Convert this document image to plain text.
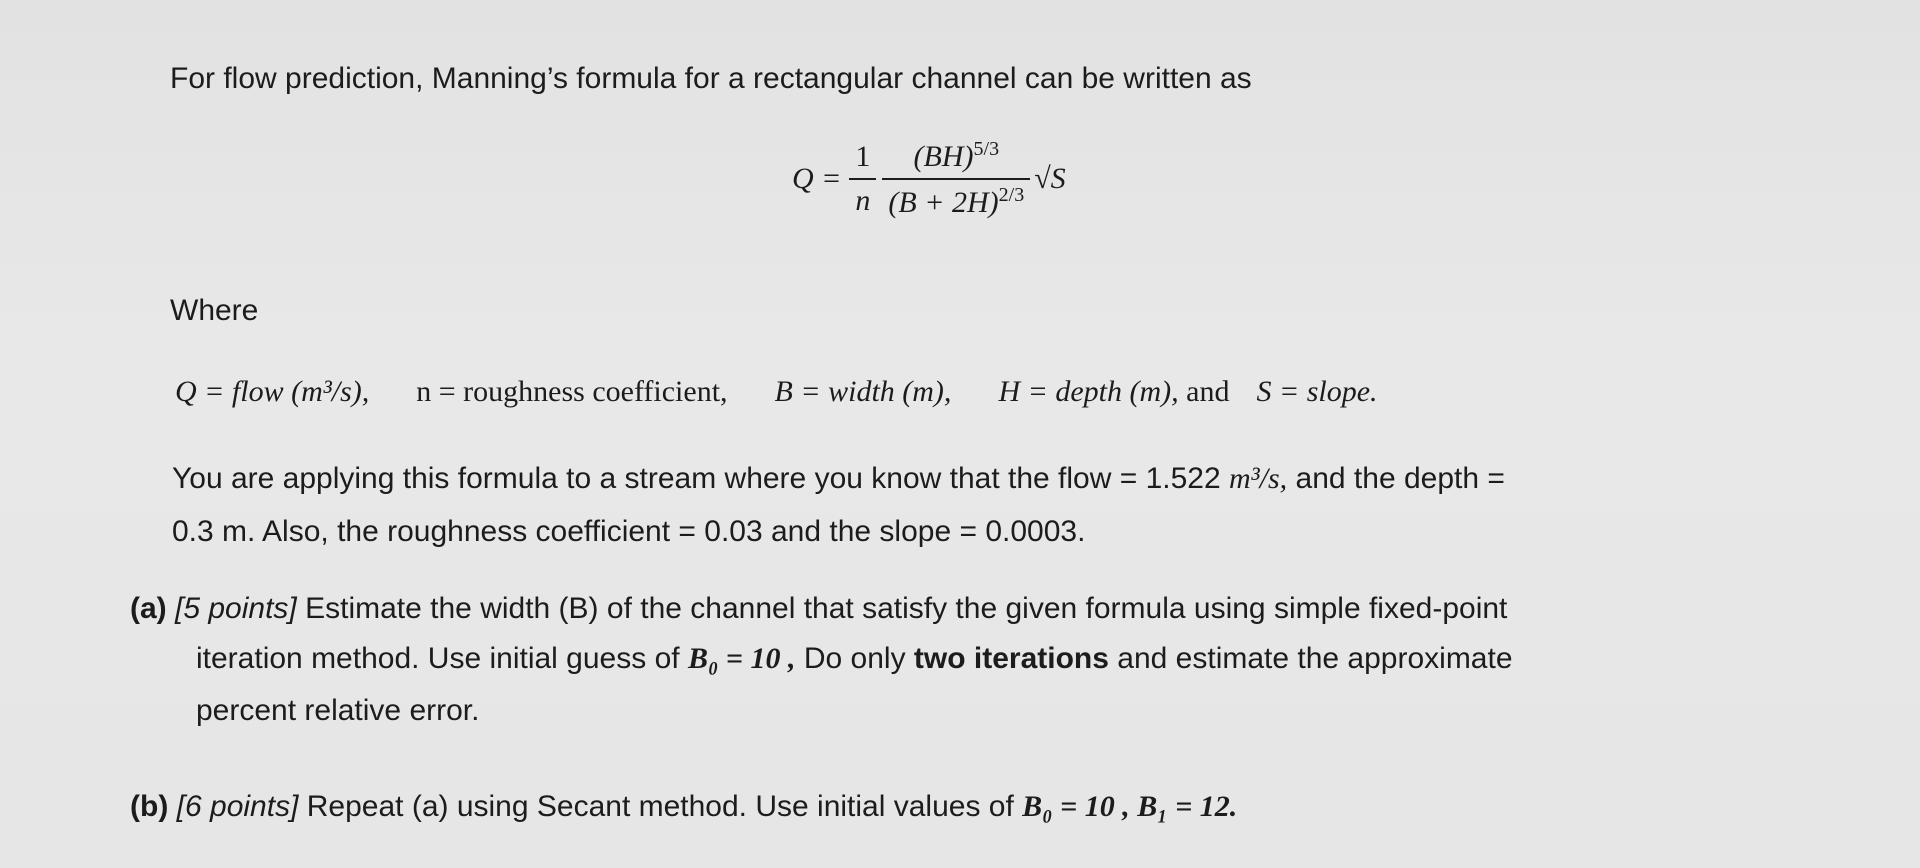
For flow prediction, Manning’s formula for a rectangular channel can be written as
$Q = \frac{1}{n} \frac{(BH)^{5/3}}{(B + 2H)^{2/3}} √S$
Where
Q = flow (m³/s), n = roughness coefficient, B = width (m), H = depth (m), and S = slope.
You are applying this formula to a stream where you know that the flow = 1.522 m³/s, and the depth =
0.3 m. Also, the roughness coefficient = 0.03 and the slope = 0.0003.
(a) [5 points] Estimate the width (B) of the channel that satisfy the given formula using simple fixed-point
iteration method. Use initial guess of B₀ = 10 , Do only two iterations and estimate the approximate
percent relative error.
(b) [6 points] Repeat (a) using Secant method. Use initial values of B₀ = 10 , B₁ = 12.
